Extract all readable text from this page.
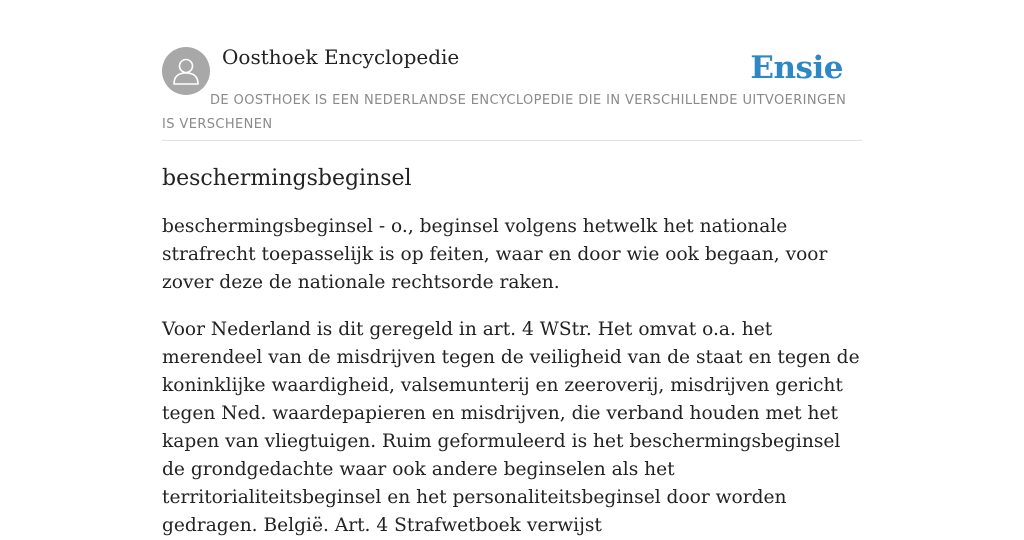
Oosthoek Encyclopedie	Ensie
DE OOSTHOEK IS EEN NEDERLANDSE ENCYCLOPEDIE DIE IN VERSCHILLENDE UITVOERINGEN IS VERSCHENEN
beschermingsbeginsel

beschermingsbeginsel - o., beginsel volgens hetwelk het nationale strafrecht toepasselijk is op feiten, waar en door wie ook begaan, voor zover deze de nationale rechtsorde raken.

Voor Nederland is dit geregeld in art. 4 WStr. Het omvat o.a. het merendeel van de misdrijven tegen de veiligheid van de staat en tegen de koninklijke waardigheid, valsemunterij en zeeroverij, misdrijven gericht tegen Ned. waardepapieren en misdrijven, die verband houden met het kapen van vliegtuigen. Ruim geformuleerd is het beschermingsbeginsel de grondgedachte waar ook andere beginselen als het territorialiteitsbeginsel en het personaliteitsbeginsel door worden gedragen. België. Art. 4 Strafwetboek verwijst
